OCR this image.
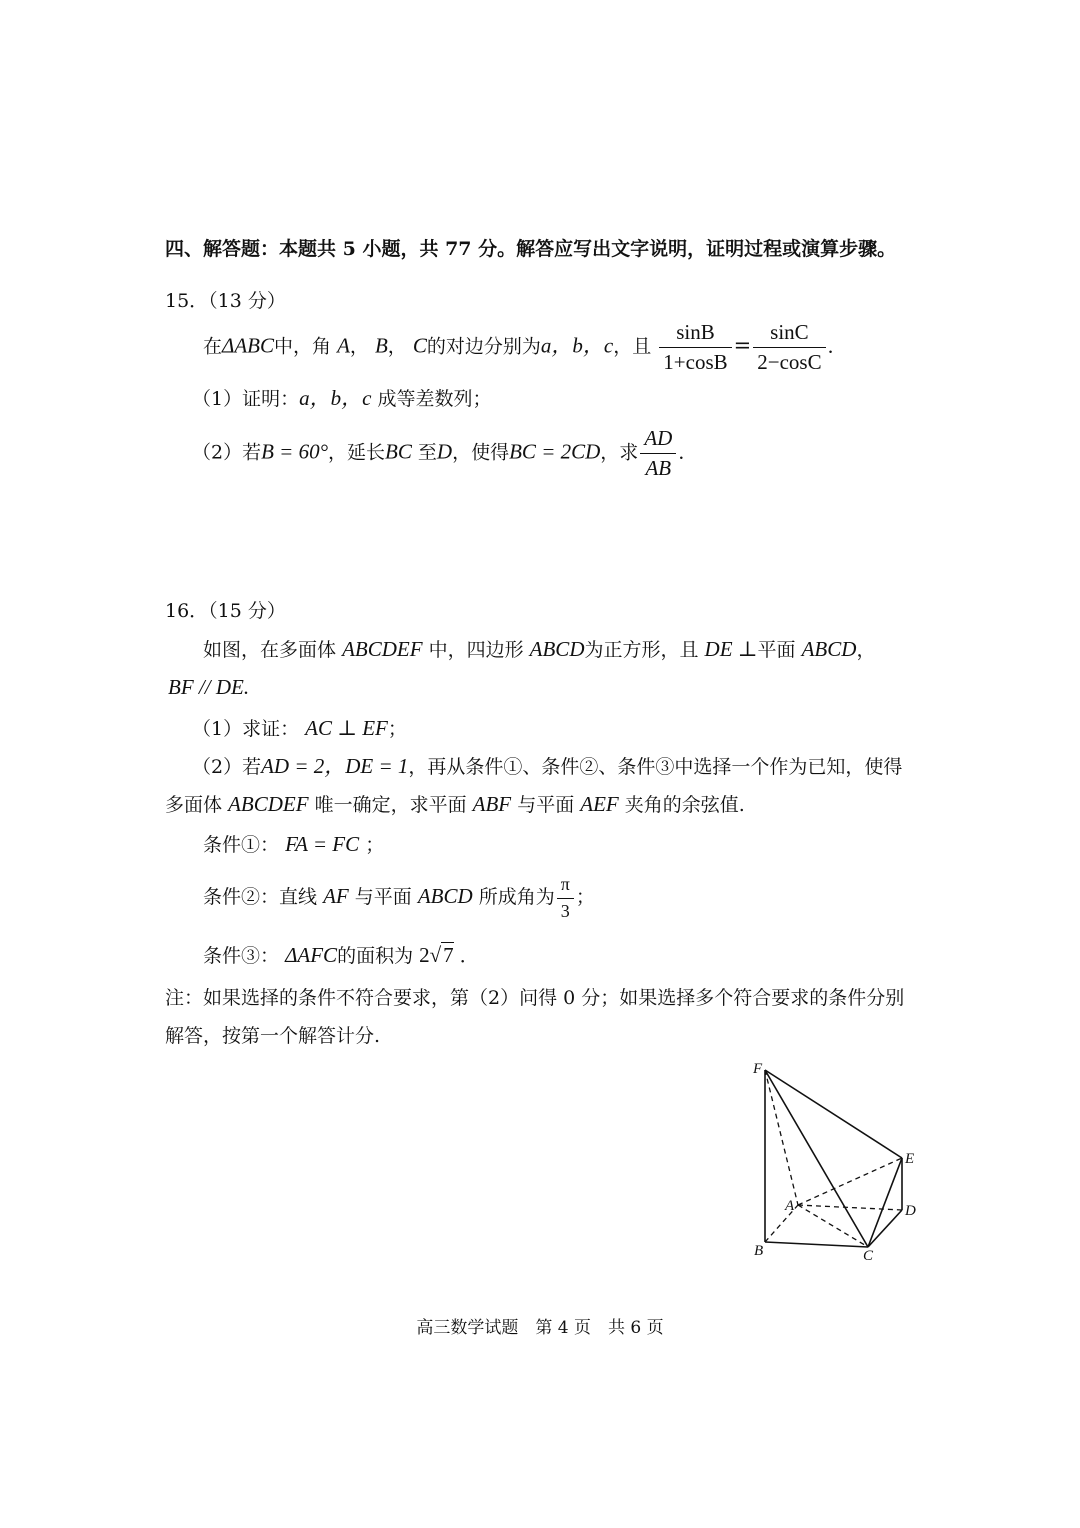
四、解答题：本题共 5 小题，共 77 分。解答应写出文字说明，证明过程或演算步骤。
15．（13 分）
在ΔABC中，角 A， B， C的对边分别为a，b，c，且 $\frac{\sin B}{1+\cos B} = \frac{\sin C}{2-\cos C}$ ．
（1）证明：a，b，c 成等差数列；
（2）若B = 60°，延长BC 至D，使得BC = 2CD，求 $\frac{AD}{AB}$ ．
16．（15 分）
如图，在多面体 ABCDEF 中，四边形 ABCD为正方形，且 DE ⊥平面 ABCD，
BF // DE.
（1）求证： AC ⊥ EF；
（2）若AD = 2，DE = 1，再从条件①、条件②、条件③中选择一个作为已知，使得
多面体 ABCDEF 唯一确定，求平面 ABF 与平面 AEF 夹角的余弦值.
条件①： FA = FC ；
条件②：直线 AF 与平面 ABCD 所成角为 $\frac{\pi}{3}$ ；
条件③： ΔAFC的面积为 2√7 ．
注：如果选择的条件不符合要求，第（2）问得 0 分；如果选择多个符合要求的条件分别
解答，按第一个解答计分.
F
E
A	D
B	C
高三数学试题　第 4 页　共 6 页
